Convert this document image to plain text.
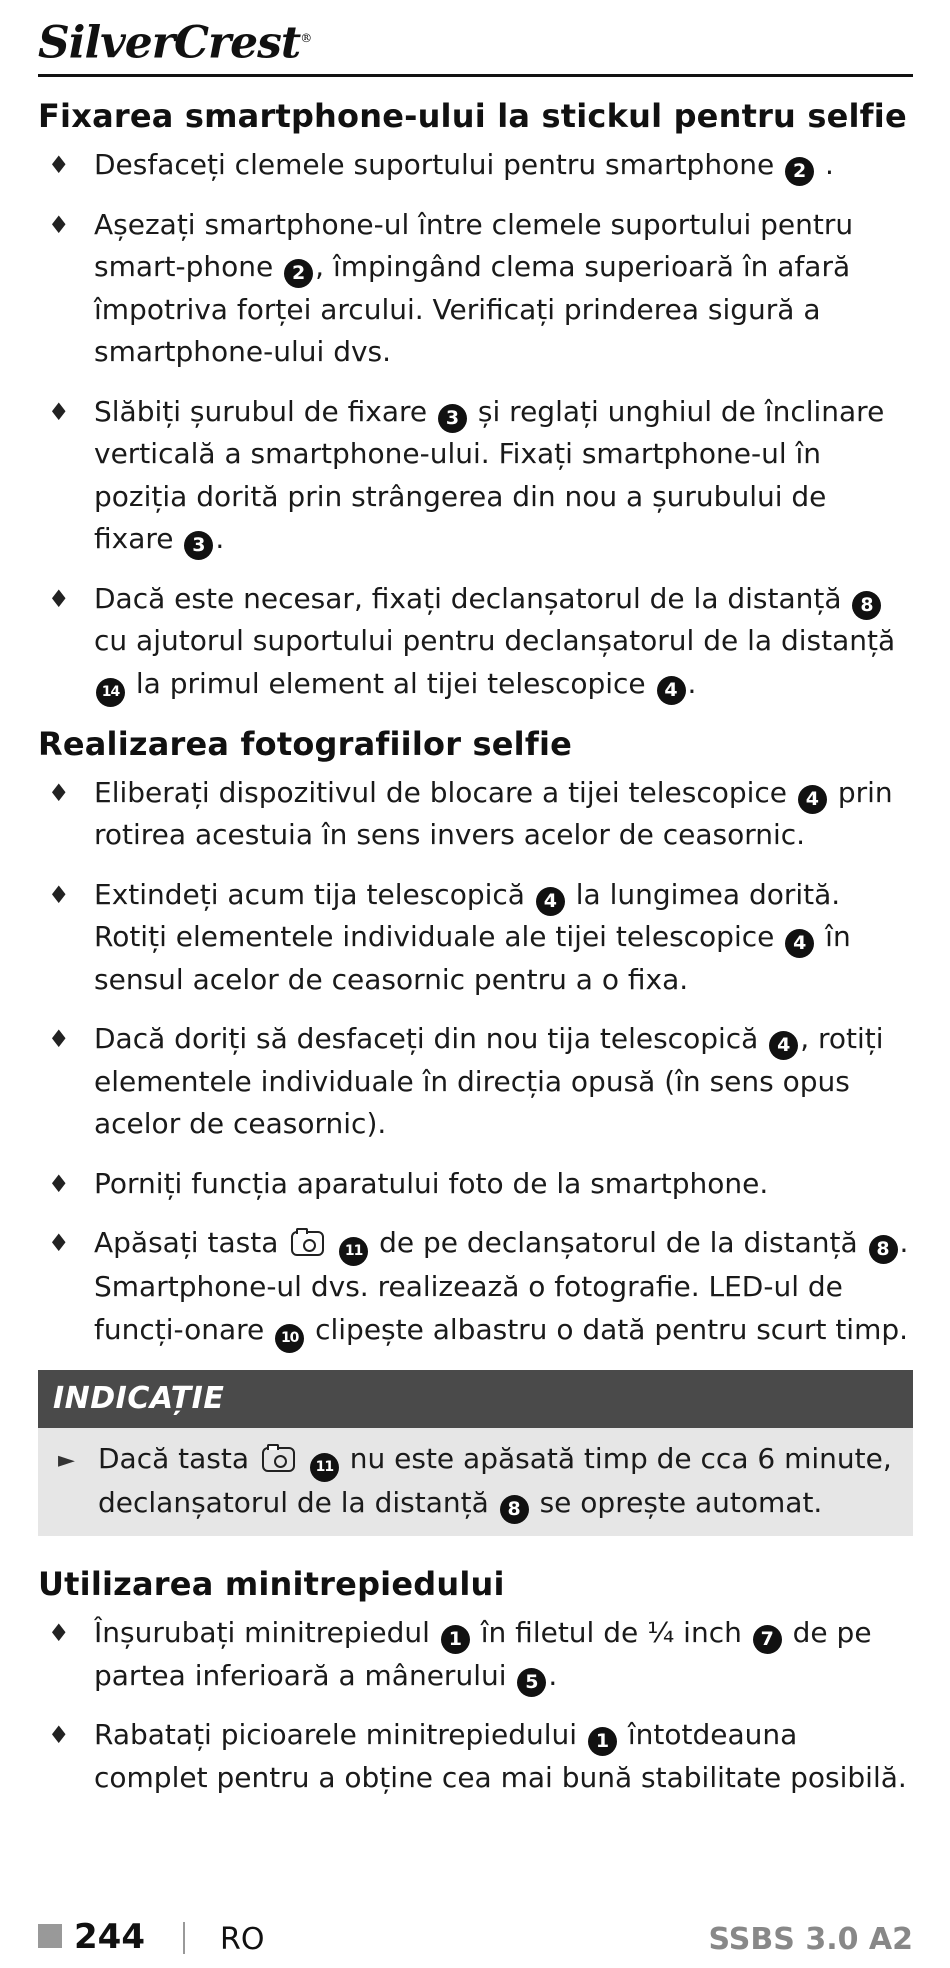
SilverCrest®
Fixarea smartphone-ului la stickul pentru selfie
♦ Desfaceți clemele suportului pentru smartphone 2 .
♦ Așezați smartphone-ul între clemele suportului pentru smart-phone 2 , împingând clema superioară în afară împotriva forței arcului. Verificați prinderea sigură a smartphone-ului dvs.
♦ Slăbiți șurubul de fixare 3 și reglați unghiul de înclinare verticală a smartphone-ului. Fixați smartphone-ul în poziția dorită prin strângerea din nou a șurubului de fixare 3 .
♦ Dacă este necesar, fixați declanșatorul de la distanță 8 cu ajutorul suportului pentru declanșatorul de la distanță 14 la primul element al tijei telescopice 4 .
Realizarea fotografiilor selfie
♦ Eliberați dispozitivul de blocare a tijei telescopice 4 prin rotirea acestuia în sens invers acelor de ceasornic.
♦ Extindeți acum tija telescopică 4 la lungimea dorită. Rotiți elementele individuale ale tijei telescopice 4 în sensul acelor de ceasornic pentru a o fixa.
♦ Dacă doriți să desfaceți din nou tija telescopică 4 , rotiți elementele individuale în direcția opusă (în sens opus acelor de ceasornic).
♦ Porniți funcția aparatului foto de la smartphone.
♦ Apăsați tasta	11 de pe declanșatorul de la distanță 8 . Smartphone-ul dvs. realizează o fotografie. LED-ul de funcți-onare 10 clipește albastru o dată pentru scurt timp.
INDICAȚIE
► Dacă tasta	11 nu este apăsată timp de cca 6 minute, declanșatorul de la distanță 8 se oprește automat.
Utilizarea minitrepiedului
♦ Înșurubați minitrepiedul 1 în filetul de ¼ inch 7 de pe partea inferioară a mânerului 5 .
♦ Rabatați picioarele minitrepiedului 1 întotdeauna complet pentru a obține cea mai bună stabilitate posibilă.
244	RO	SSBS 3.0 A2
